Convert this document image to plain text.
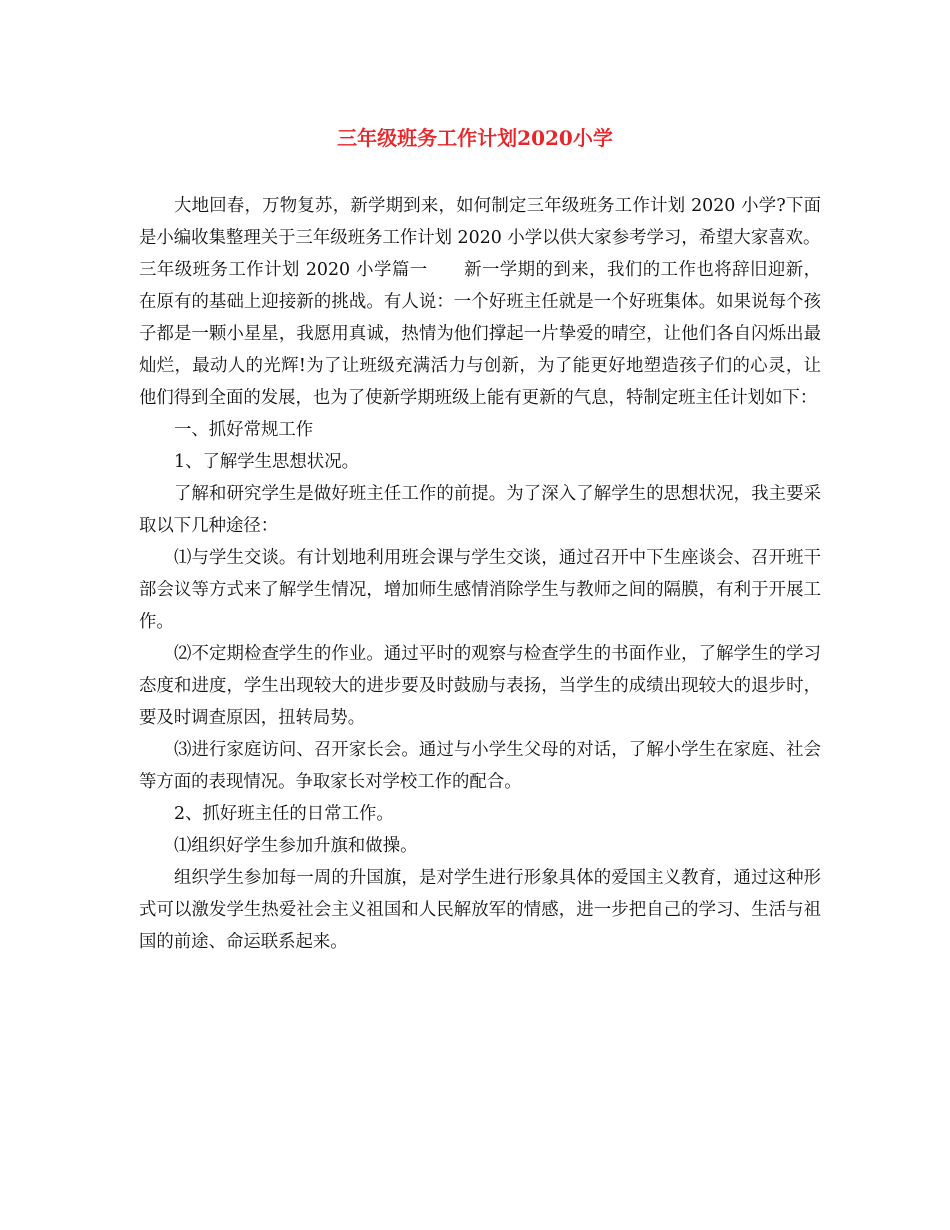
三年级班务工作计划2020小学

大地回春，万物复苏，新学期到来，如何制定三年级班务工作计划 2020 小学?下面是小编收集整理关于三年级班务工作计划 2020 小学以供大家参考学习，希望大家喜欢。

三年级班务工作计划 2020 小学篇一 新一学期的到来，我们的工作也将辞旧迎新，在原有的基础上迎接新的挑战。有人说：一个好班主任就是一个好班集体。如果说每个孩子都是一颗小星星，我愿用真诚，热情为他们撑起一片挚爱的晴空，让他们各自闪烁出最灿烂，最动人的光辉!为了让班级充满活力与创新，为了能更好地塑造孩子们的心灵，让他们得到全面的发展，也为了使新学期班级上能有更新的气息，特制定班主任计划如下：

一、抓好常规工作

1、了解学生思想状况。

了解和研究学生是做好班主任工作的前提。为了深入了解学生的思想状况，我主要采取以下几种途径：

⑴与学生交谈。有计划地利用班会课与学生交谈，通过召开中下生座谈会、召开班干部会议等方式来了解学生情况，增加师生感情消除学生与教师之间的隔膜，有利于开展工作。

⑵不定期检查学生的作业。通过平时的观察与检查学生的书面作业，了解学生的学习态度和进度，学生出现较大的进步要及时鼓励与表扬，当学生的成绩出现较大的退步时，要及时调查原因，扭转局势。

⑶进行家庭访问、召开家长会。通过与小学生父母的对话，了解小学生在家庭、社会等方面的表现情况。争取家长对学校工作的配合。

2、抓好班主任的日常工作。

⑴组织好学生参加升旗和做操。

组织学生参加每一周的升国旗，是对学生进行形象具体的爱国主义教育，通过这种形式可以激发学生热爱社会主义祖国和人民解放军的情感，进一步把自己的学习、生活与祖国的前途、命运联系起来。
